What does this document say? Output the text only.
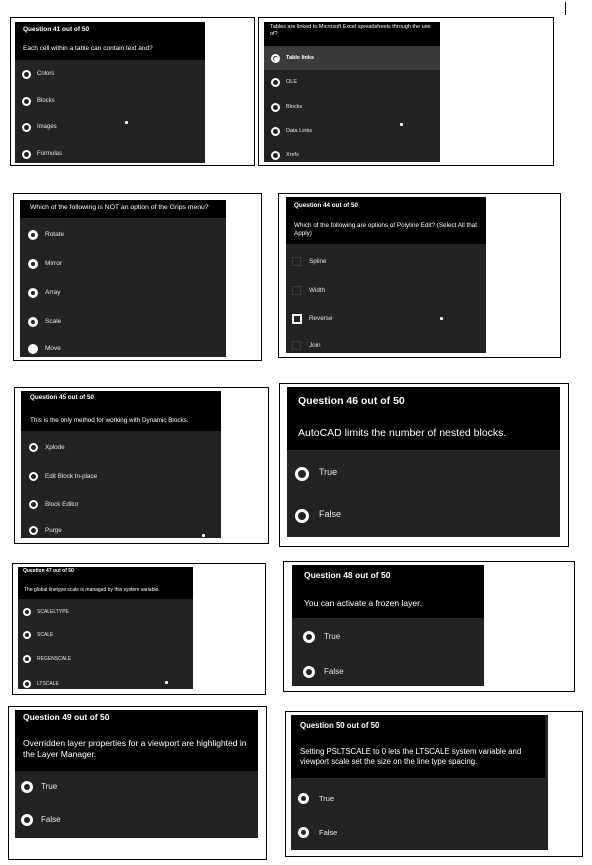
Question 41 out of 50
Each cell within a table can contain text and?
Colors
Blocks
Images
Formulas
Tables are linked to Microsoft Excel spreadsheets through the use of?
Table links
OLE
Blocks
Data Links
Xrefs
Which of the following is NOT an option of the Grips menu?
Rotate
Mirror
Array
Scale
Move
Question 44 out of 50
Which of the following are options of Polyline Edit? (Select All that Apply)
Spline
Width
Reverse
Join
Question 45 out of 50
This is the only method for working with Dynamic Blocks.
Xplode
Edit Block In-place
Block Editor
Purge
Question 46 out of 50
AutoCAD limits the number of nested blocks.
True
False
Question 47 out of 50
The global linetype scale is managed by this system variable.
SCALELTYPE
SCALE
REGENSCALE
LTSCALE
Question 48 out of 50
You can activate a frozen layer.
True
False
Question 49 out of 50
Overridden layer properties for a viewport are highlighted in the Layer Manager.
True
False
Question 50 out of 50
Setting PSLTSCALE to 0 lets the LTSCALE system variable and viewport scale set the size on the line type spacing.
True
False
